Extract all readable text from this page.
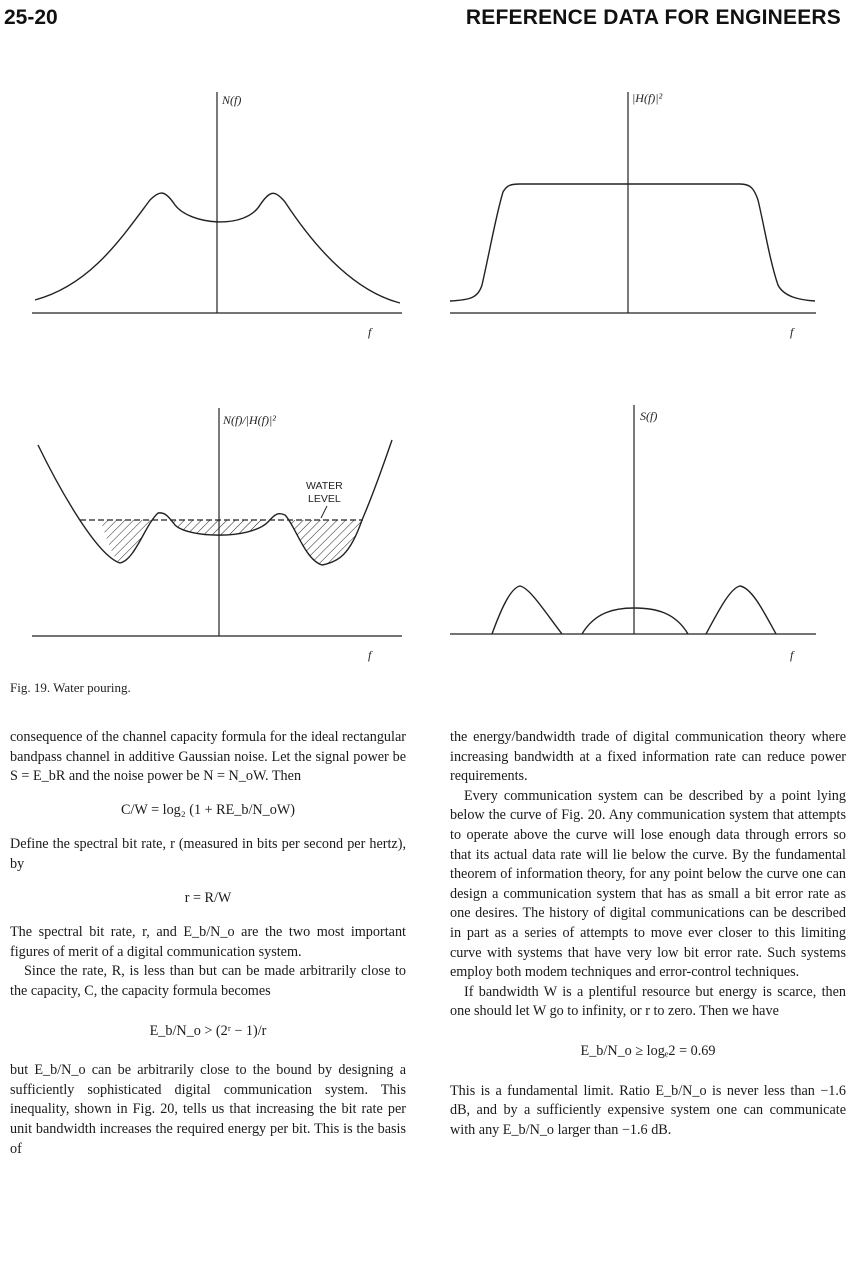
25-20	REFERENCE DATA FOR ENGINEERS
N(f)
f
|H(f)|²
f
N(f)/|H(f)|²
WATER
LEVEL
f
S(f)
f
Fig. 19. Water pouring.

consequence of the channel capacity formula for the ideal rectangular bandpass channel in additive Gaussian noise. Let the signal power be S = E_bR and the noise power be N = N_oW. Then

C/W = log₂ (1 + RE_b/N_oW)

Define the spectral bit rate, r (measured in bits per second per hertz), by

r = R/W

The spectral bit rate, r, and E_b/N_o are the two most important figures of merit of a digital communication system.

Since the rate, R, is less than but can be made arbitrarily close to the capacity, C, the capacity formula becomes

E_b/N_o > (2ʳ − 1)/r

but E_b/N_o can be arbitrarily close to the bound by designing a sufficiently sophisticated digital communication system. This inequality, shown in Fig. 20, tells us that increasing the bit rate per unit bandwidth increases the required energy per bit. This is the basis of

the energy/bandwidth trade of digital communication theory where increasing bandwidth at a fixed information rate can reduce power requirements.

Every communication system can be described by a point lying below the curve of Fig. 20. Any communication system that attempts to operate above the curve will lose enough data through errors so that its actual data rate will lie below the curve. By the fundamental theorem of information theory, for any point below the curve one can design a communication system that has as small a bit error rate as one desires. The history of digital communications can be described in part as a series of attempts to move ever closer to this limiting curve with systems that have very low bit error rate. Such systems employ both modem techniques and error-control techniques.

If bandwidth W is a plentiful resource but energy is scarce, then one should let W go to infinity, or r to zero. Then we have

E_b/N_o ≥ logₑ2 = 0.69

This is a fundamental limit. Ratio E_b/N_o is never less than −1.6 dB, and by a sufficiently expensive system one can communicate with any E_b/N_o larger than −1.6 dB.
